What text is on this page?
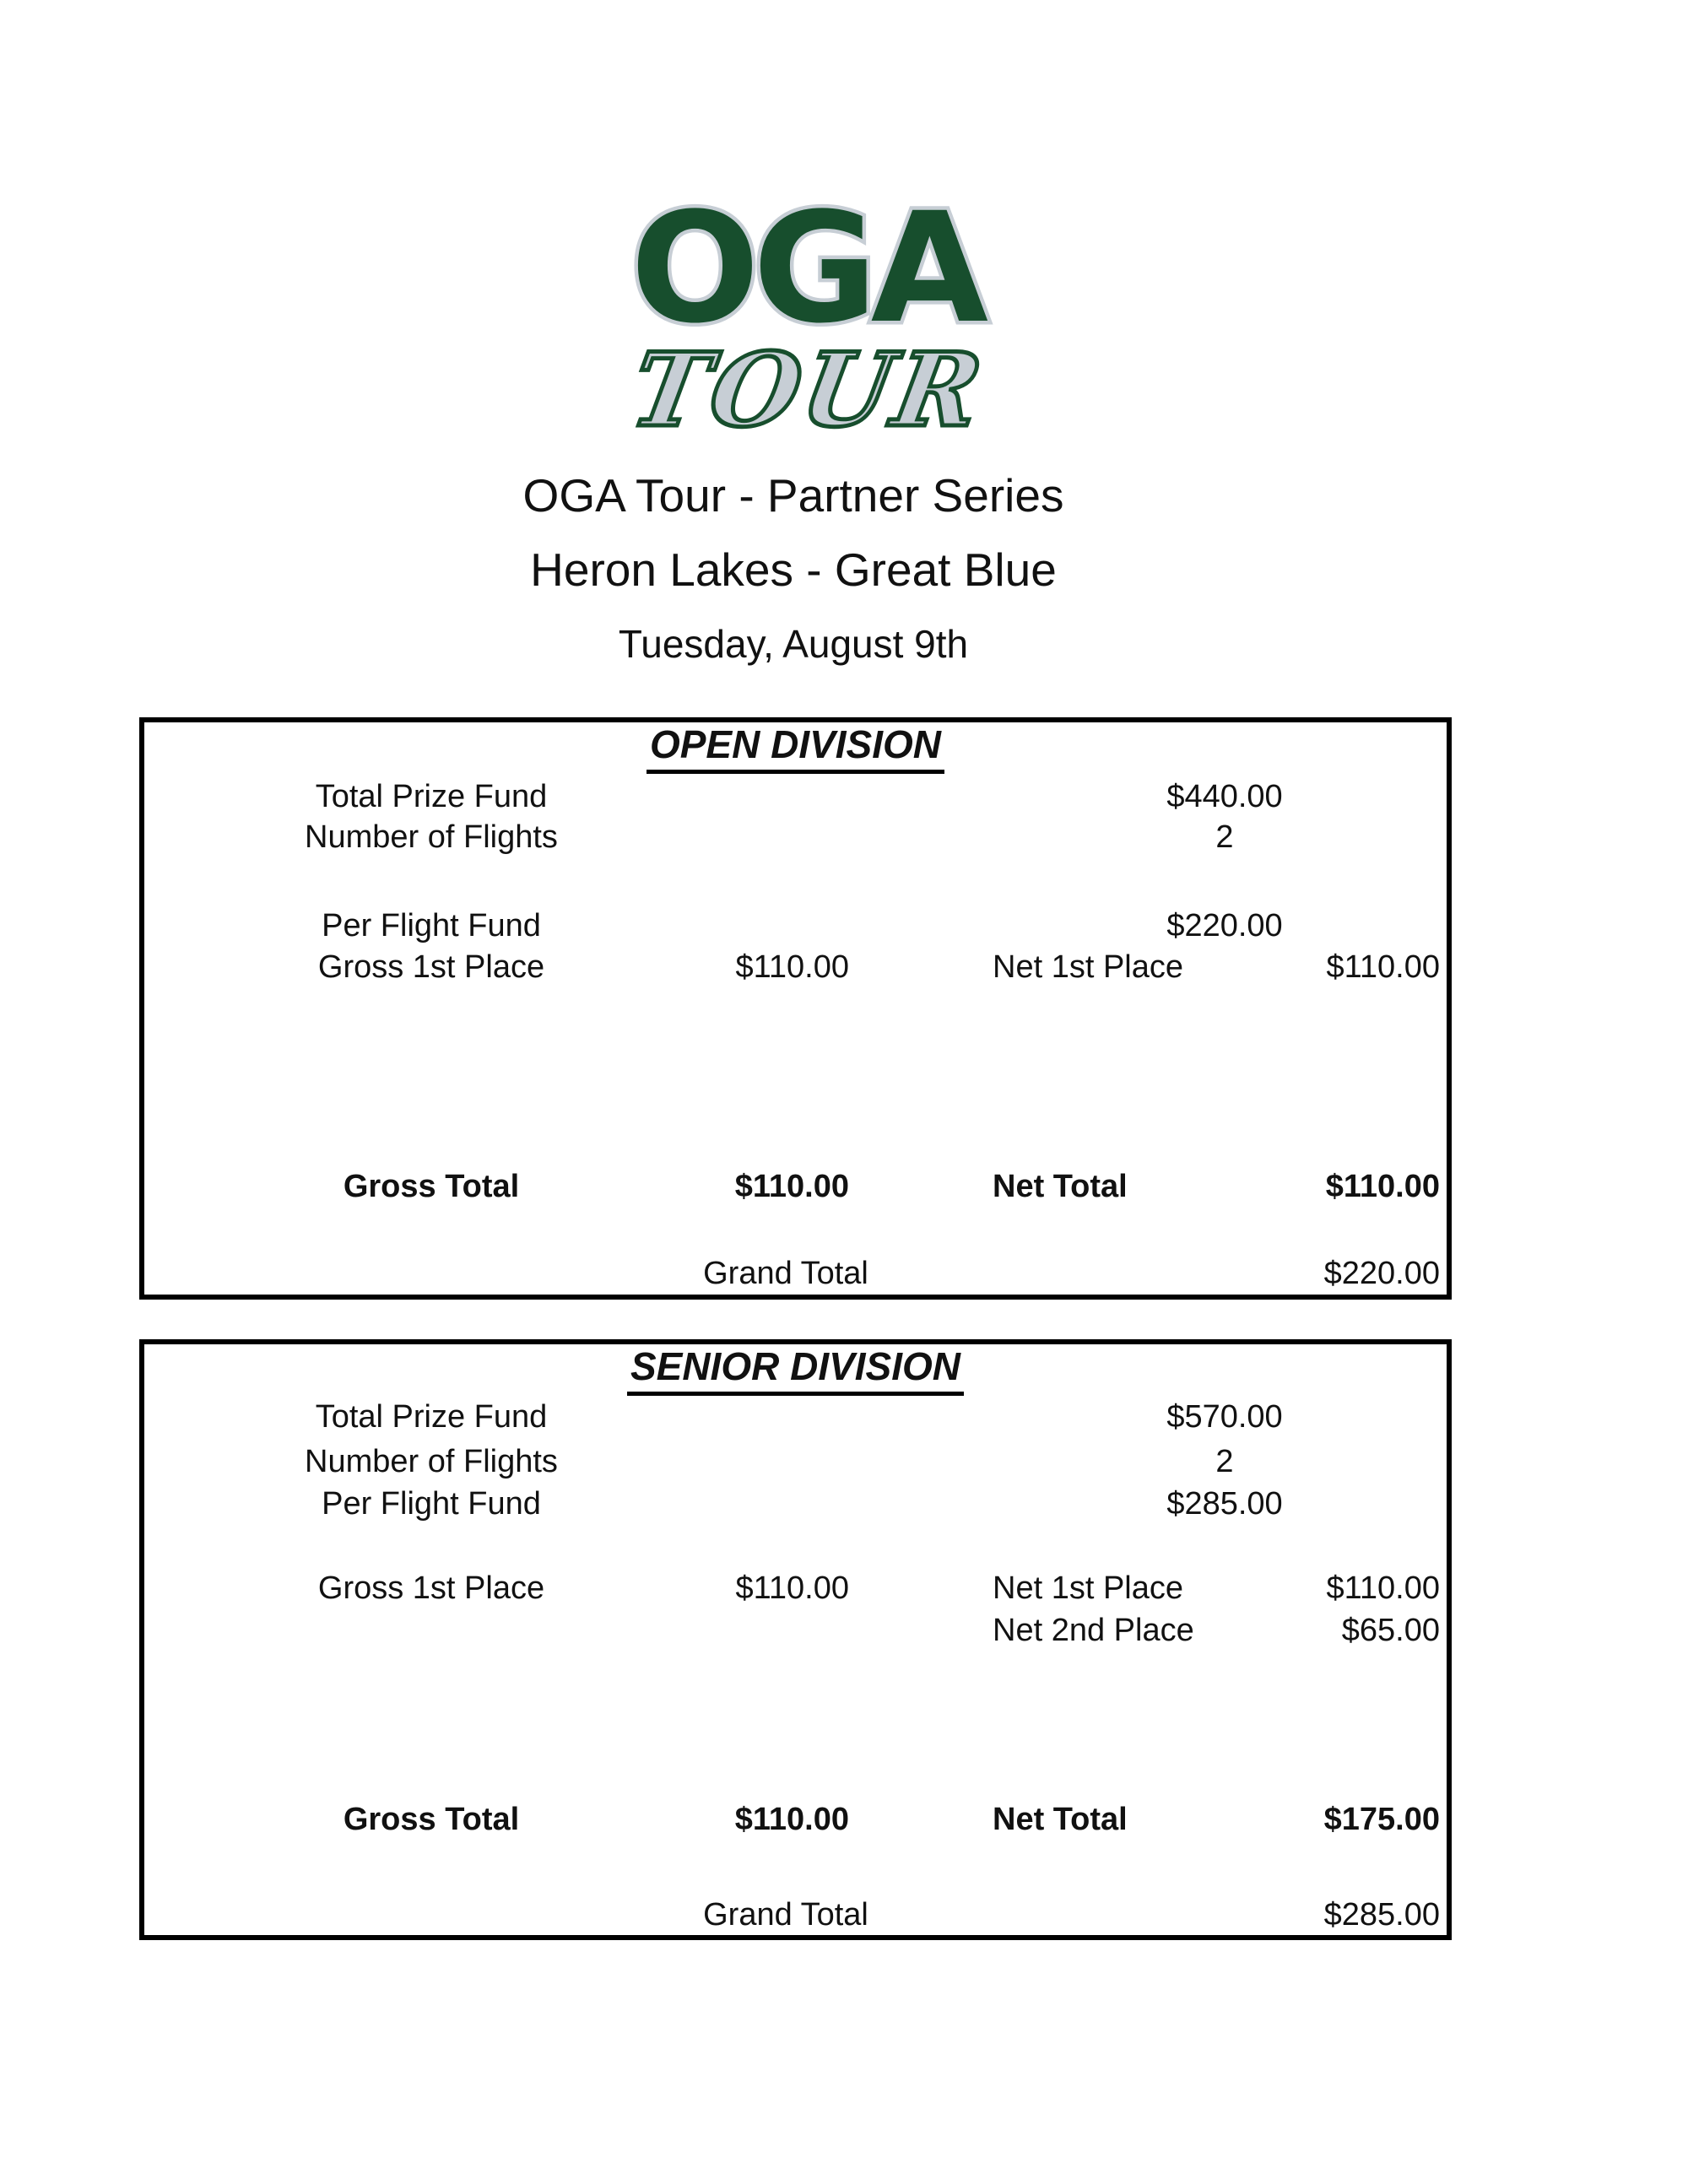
OGA
TOUR
OGA Tour - Partner Series
Heron Lakes - Great Blue
Tuesday, August 9th
OPEN DIVISION
Total Prize Fund	$440.00
Number of Flights	2
Per Flight Fund	$220.00
Gross 1st Place	$110.00	Net 1st Place	$110.00
Gross Total	$110.00	Net Total	$110.00
Grand Total	$220.00
SENIOR DIVISION
Total Prize Fund	$570.00
Number of Flights	2
Per Flight Fund	$285.00
Gross 1st Place	$110.00	Net 1st Place	$110.00
Net 2nd Place	$65.00
Gross Total	$110.00	Net Total	$175.00
Grand Total	$285.00
